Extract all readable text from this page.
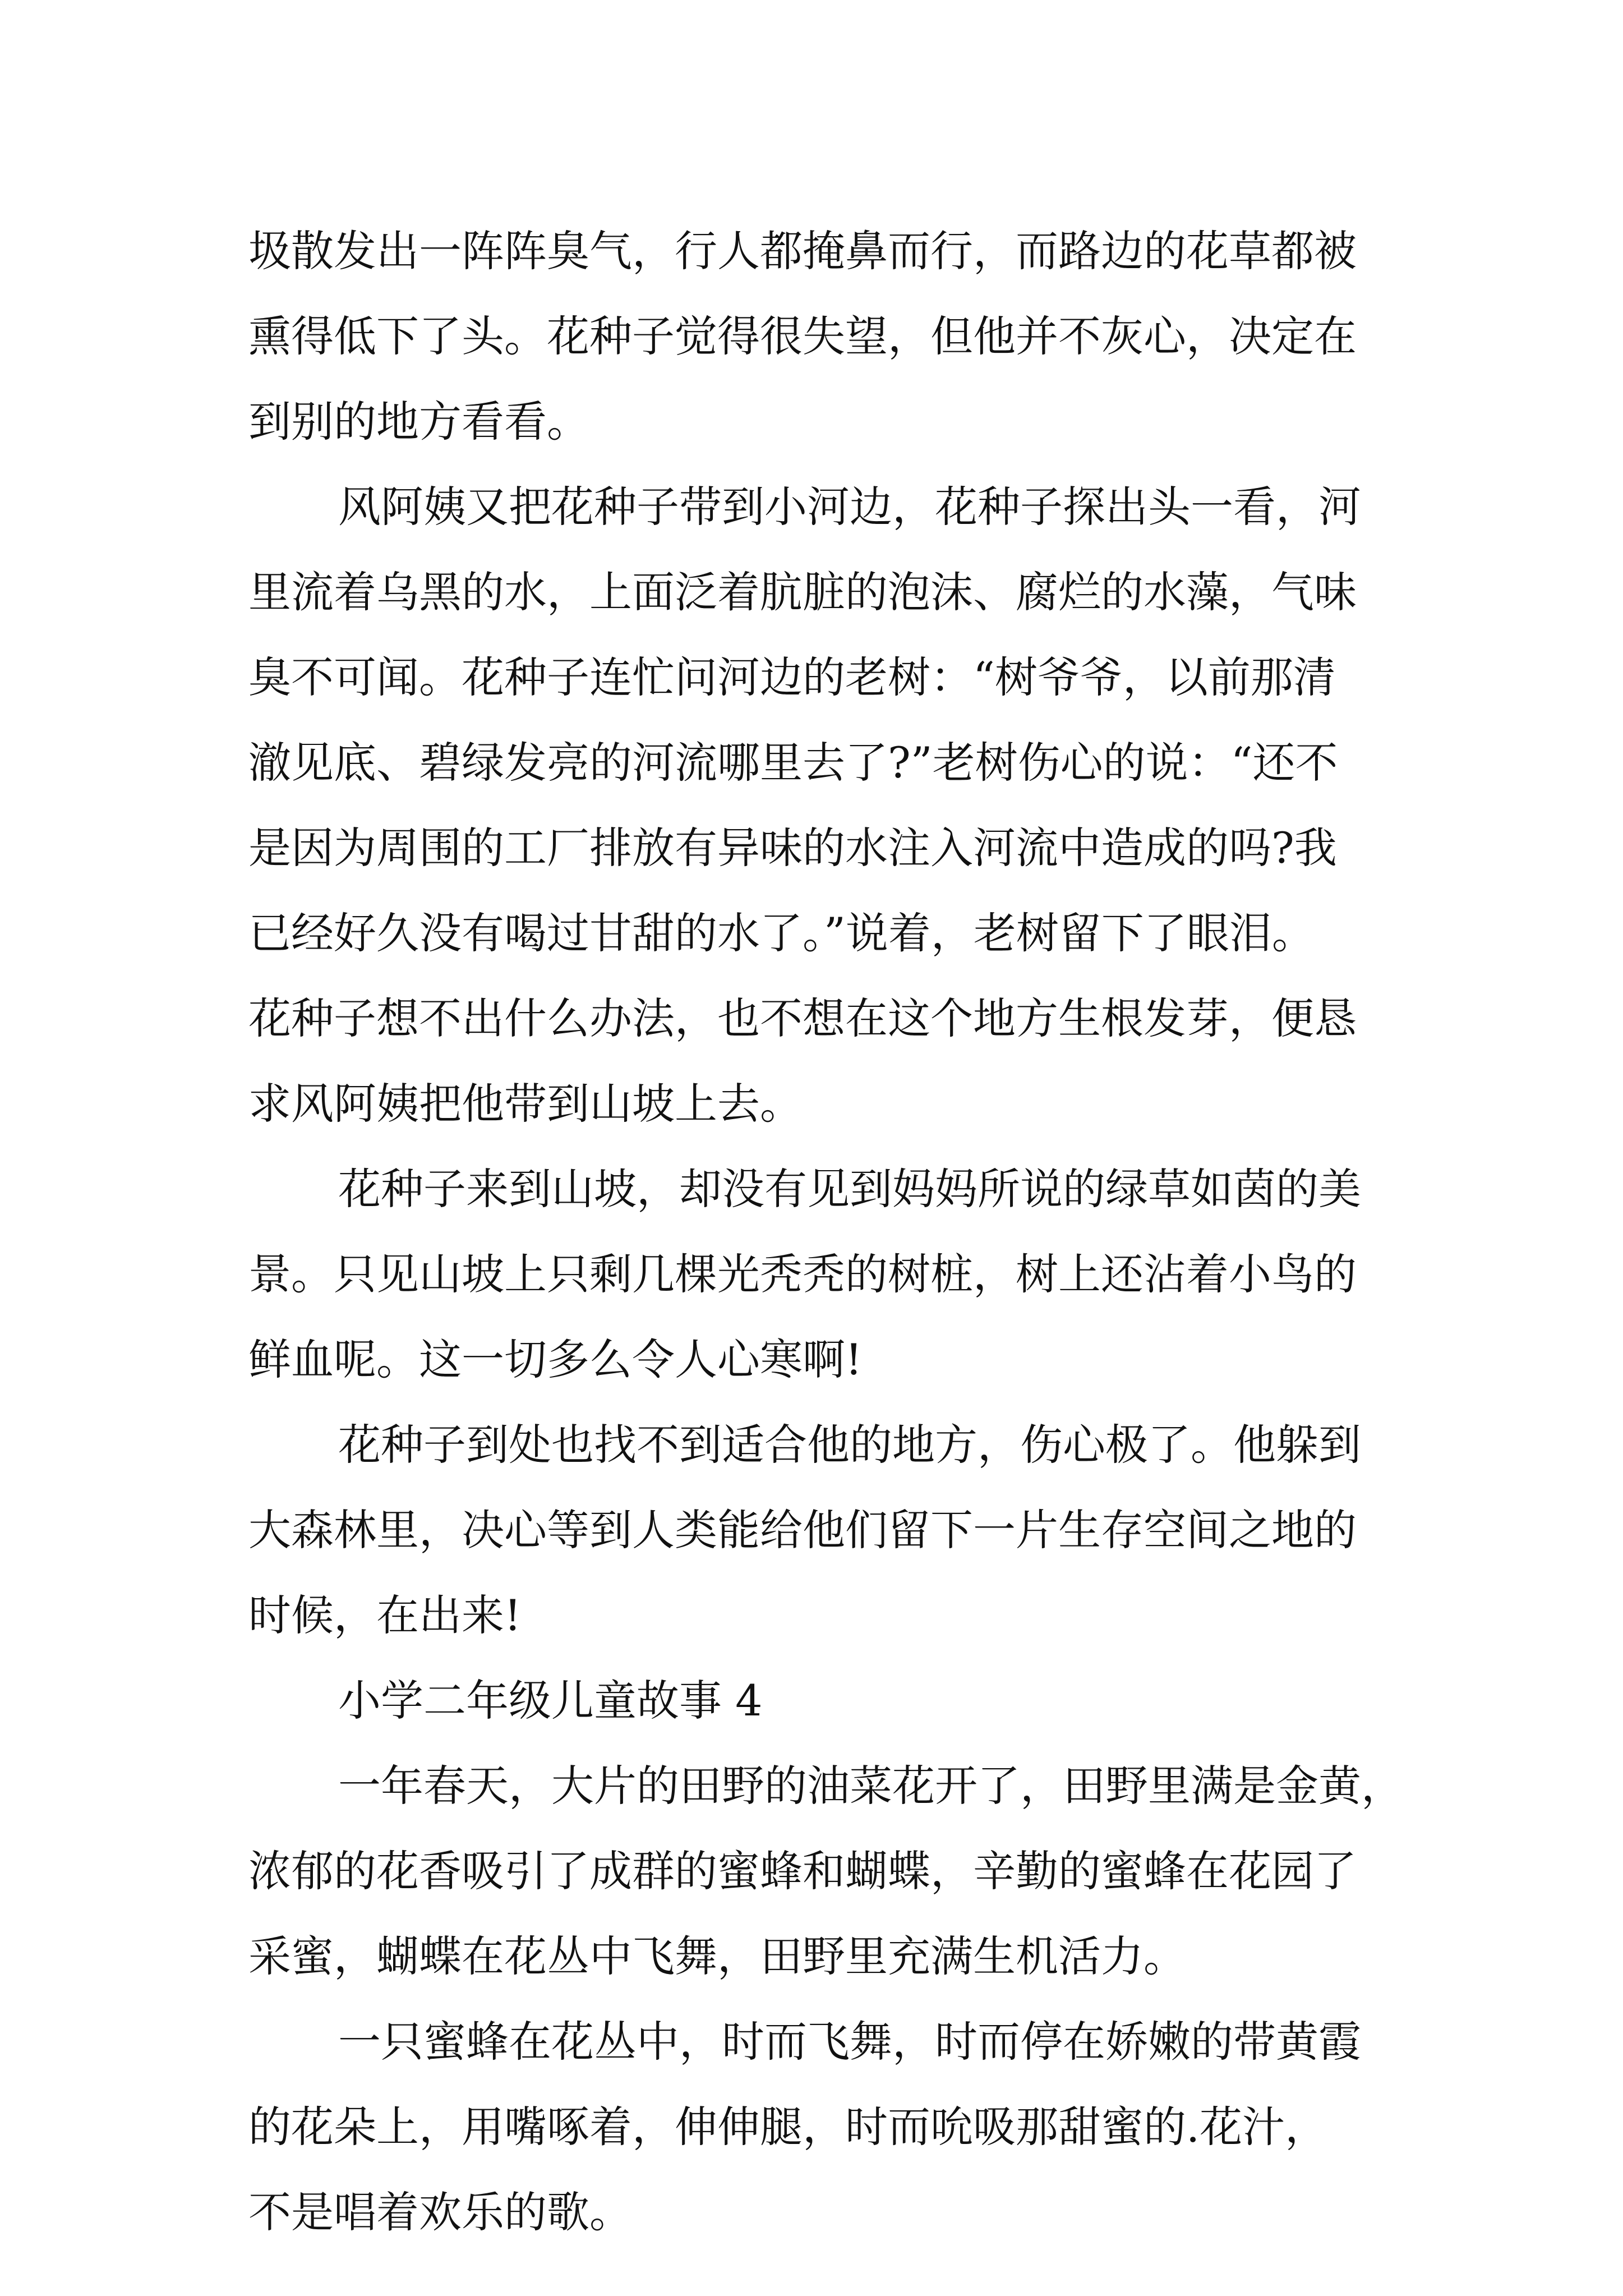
圾散发出一阵阵臭气，行人都掩鼻而行，而路边的花草都被
熏得低下了头。花种子觉得很失望，但他并不灰心，决定在
到别的地方看看。
风阿姨又把花种子带到小河边，花种子探出头一看，河
里流着乌黑的水，上面泛着肮脏的泡沫、腐烂的水藻，气味
臭不可闻。花种子连忙问河边的老树：“树爷爷，以前那清
澈见底、碧绿发亮的河流哪里去了?”老树伤心的说：“还不
是因为周围的工厂排放有异味的水注入河流中造成的吗?我
已经好久没有喝过甘甜的水了。”说着，老树留下了眼泪。
花种子想不出什么办法，也不想在这个地方生根发芽，便恳
求风阿姨把他带到山坡上去。
花种子来到山坡，却没有见到妈妈所说的绿草如茵的美
景。只见山坡上只剩几棵光秃秃的树桩，树上还沾着小鸟的
鲜血呢。这一切多么令人心寒啊!
花种子到处也找不到适合他的地方，伤心极了。他躲到
大森林里，决心等到人类能给他们留下一片生存空间之地的
时候，在出来!
小学二年级儿童故事 4
一年春天，大片的田野的油菜花开了，田野里满是金黄，
浓郁的花香吸引了成群的蜜蜂和蝴蝶，辛勤的蜜蜂在花园了
采蜜，蝴蝶在花丛中飞舞，田野里充满生机活力。
一只蜜蜂在花丛中，时而飞舞，时而停在娇嫩的带黄霞
的花朵上，用嘴啄着，伸伸腿，时而吮吸那甜蜜的.花汁，
不是唱着欢乐的歌。
